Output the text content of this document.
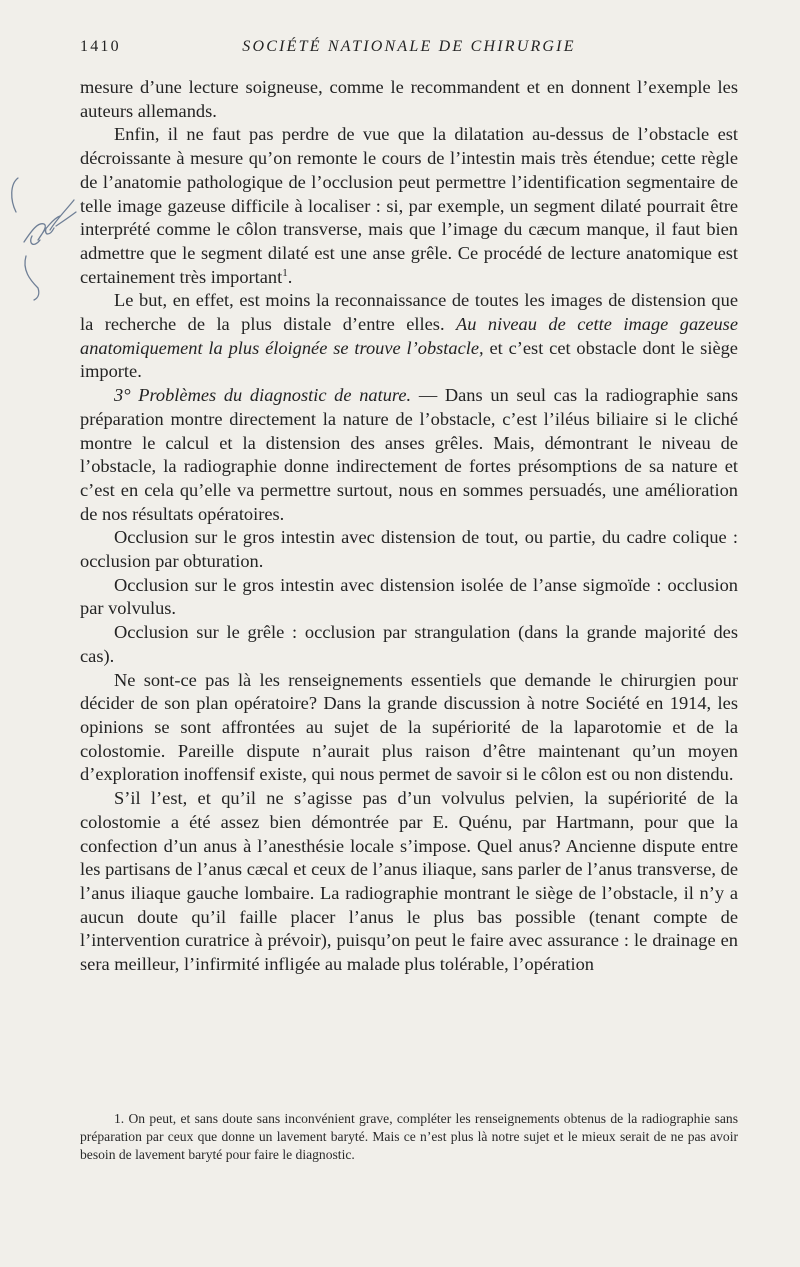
1410	SOCIÉTÉ NATIONALE DE CHIRURGIE

mesure d’une lecture soigneuse, comme le recommandent et en donnent l’exemple les auteurs allemands.

Enfin, il ne faut pas perdre de vue que la dilatation au-dessus de l’obstacle est décroissante à mesure qu’on remonte le cours de l’intestin mais très étendue; cette règle de l’anatomie pathologique de l’occlusion peut permettre l’identification segmentaire de telle image gazeuse difficile à localiser : si, par exemple, un segment dilaté pourrait être interprété comme le côlon transverse, mais que l’image du cæcum manque, il faut bien admettre que le segment dilaté est une anse grêle. Ce procédé de lecture anatomique est certainement très important$^1$.

Le but, en effet, est moins la reconnaissance de toutes les images de distension que la recherche de la plus distale d’entre elles. Au niveau de cette image gazeuse anatomiquement la plus éloignée se trouve l’obstacle, et c’est cet obstacle dont le siège importe.

3° Problèmes du diagnostic de nature. — Dans un seul cas la radiographie sans préparation montre directement la nature de l’obstacle, c’est l’iléus biliaire si le cliché montre le calcul et la distension des anses grêles. Mais, démontrant le niveau de l’obstacle, la radiographie donne indirectement de fortes présomptions de sa nature et c’est en cela qu’elle va permettre surtout, nous en sommes persuadés, une amélioration de nos résultats opératoires.

Occlusion sur le gros intestin avec distension de tout, ou partie, du cadre colique : occlusion par obturation.

Occlusion sur le gros intestin avec distension isolée de l’anse sigmoïde : occlusion par volvulus.

Occlusion sur le grêle : occlusion par strangulation (dans la grande majorité des cas).

Ne sont-ce pas là les renseignements essentiels que demande le chirurgien pour décider de son plan opératoire? Dans la grande discussion à notre Société en 1914, les opinions se sont affrontées au sujet de la supériorité de la laparotomie et de la colostomie. Pareille dispute n’aurait plus raison d’être maintenant qu’un moyen d’exploration inoffensif existe, qui nous permet de savoir si le côlon est ou non distendu.

S’il l’est, et qu’il ne s’agisse pas d’un volvulus pelvien, la supériorité de la colostomie a été assez bien démontrée par E. Quénu, par Hartmann, pour que la confection d’un anus à l’anesthésie locale s’impose. Quel anus? Ancienne dispute entre les partisans de l’anus cæcal et ceux de l’anus iliaque, sans parler de l’anus transverse, de l’anus iliaque gauche lombaire. La radiographie montrant le siège de l’obstacle, il n’y a aucun doute qu’il faille placer l’anus le plus bas possible (tenant compte de l’intervention curatrice à prévoir), puisqu’on peut le faire avec assurance : le drainage en sera meilleur, l’infirmité infligée au malade plus tolérable, l’opération

1. On peut, et sans doute sans inconvénient grave, compléter les renseignements obtenus de la radiographie sans préparation par ceux que donne un lavement baryté. Mais ce n’est plus là notre sujet et le mieux serait de ne pas avoir besoin de lavement baryté pour faire le diagnostic.
